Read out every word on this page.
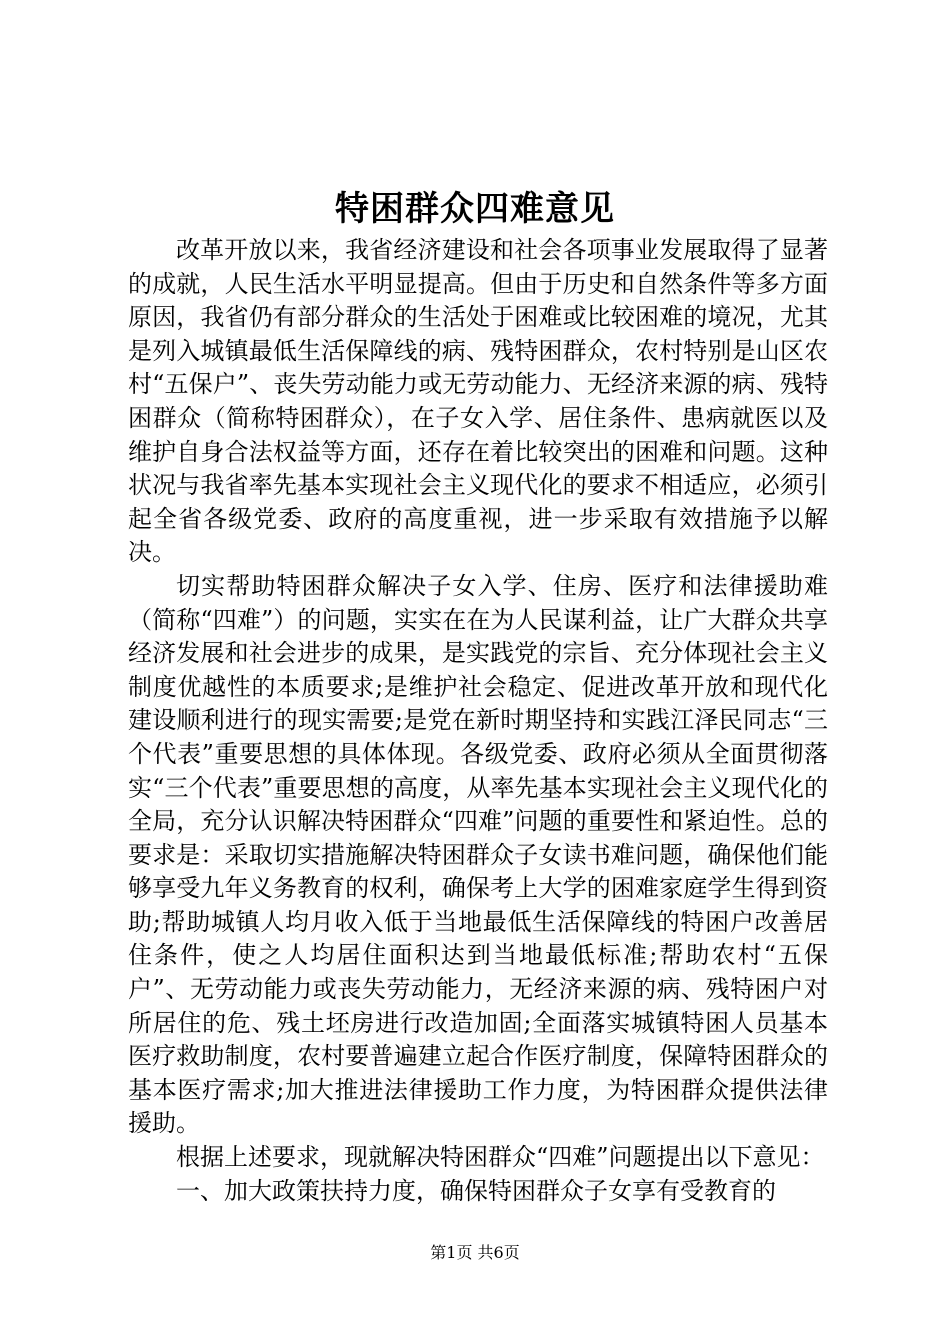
特困群众四难意见

改革开放以来，我省经济建设和社会各项事业发展取得了显著的成就，人民生活水平明显提高。但由于历史和自然条件等多方面原因，我省仍有部分群众的生活处于困难或比较困难的境况，尤其是列入城镇最低生活保障线的病、残特困群众，农村特别是山区农村“五保户”、丧失劳动能力或无劳动能力、无经济来源的病、残特困群众（简称特困群众），在子女入学、居住条件、患病就医以及维护自身合法权益等方面，还存在着比较突出的困难和问题。这种状况与我省率先基本实现社会主义现代化的要求不相适应，必须引起全省各级党委、政府的高度重视，进一步采取有效措施予以解决。

切实帮助特困群众解决子女入学、住房、医疗和法律援助难（简称“四难”）的问题，实实在在为人民谋利益，让广大群众共享经济发展和社会进步的成果，是实践党的宗旨、充分体现社会主义制度优越性的本质要求;是维护社会稳定、促进改革开放和现代化建设顺利进行的现实需要;是党在新时期坚持和实践江泽民同志“三个代表”重要思想的具体体现。各级党委、政府必须从全面贯彻落实“三个代表”重要思想的高度，从率先基本实现社会主义现代化的全局，充分认识解决特困群众“四难”问题的重要性和紧迫性。总的要求是：采取切实措施解决特困群众子女读书难问题，确保他们能够享受九年义务教育的权利，确保考上大学的困难家庭学生得到资助;帮助城镇人均月收入低于当地最低生活保障线的特困户改善居住条件，使之人均居住面积达到当地最低标准;帮助农村“五保户”、无劳动能力或丧失劳动能力，无经济来源的病、残特困户对所居住的危、残土坯房进行改造加固;全面落实城镇特困人员基本医疗救助制度，农村要普遍建立起合作医疗制度，保障特困群众的基本医疗需求;加大推进法律援助工作力度，为特困群众提供法律援助。

根据上述要求，现就解决特困群众“四难”问题提出以下意见：

一、加大政策扶持力度，确保特困群众子女享有受教育的

第1页 共6页
